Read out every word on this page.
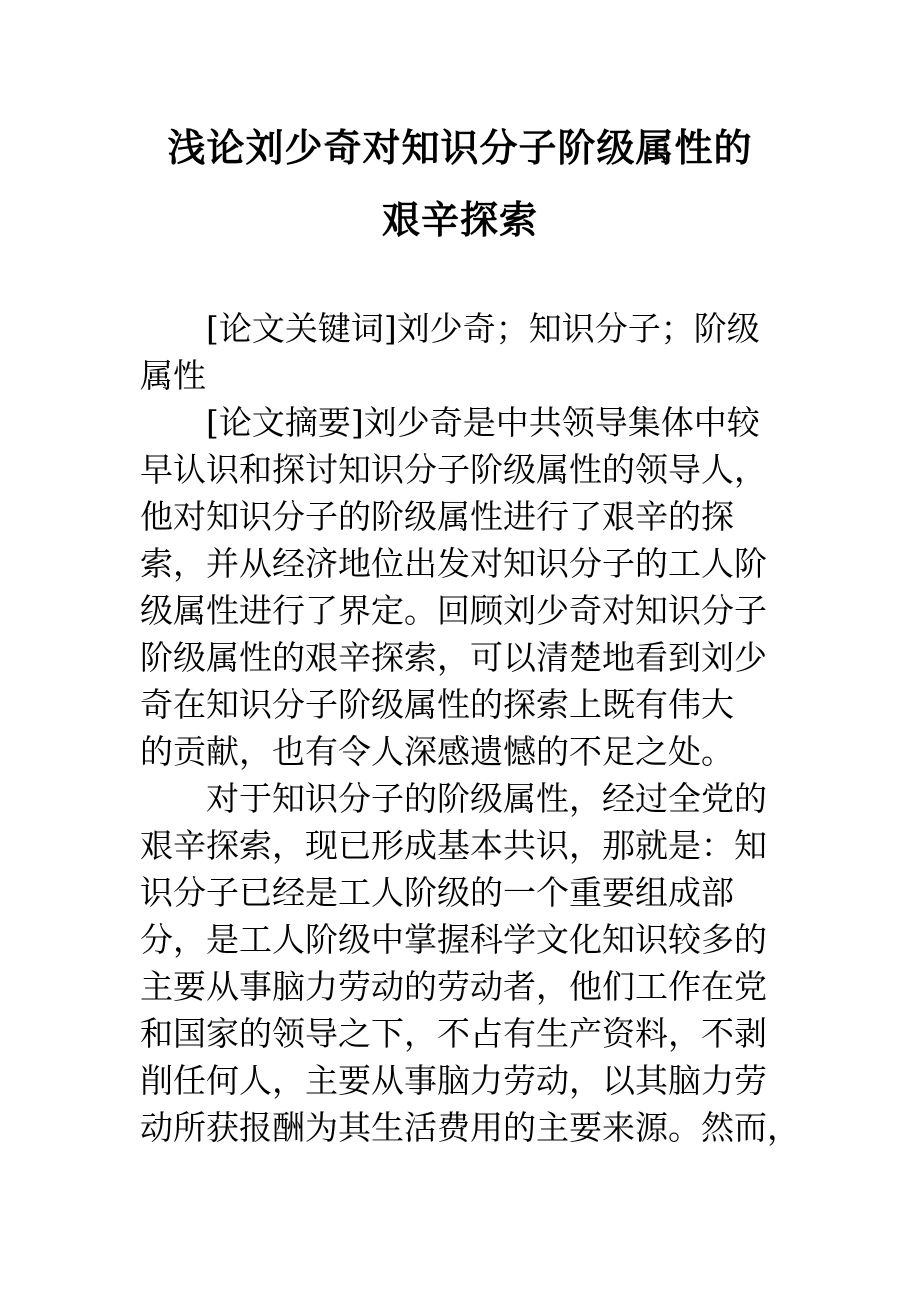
浅论刘少奇对知识分子阶级属性的
艰辛探索
[论文关键词]刘少奇；知识分子；阶级
属性
[论文摘要]刘少奇是中共领导集体中较
早认识和探讨知识分子阶级属性的领导人，
他对知识分子的阶级属性进行了艰辛的探
索，并从经济地位出发对知识分子的工人阶
级属性进行了界定。回顾刘少奇对知识分子
阶级属性的艰辛探索，可以清楚地看到刘少
奇在知识分子阶级属性的探索上既有伟大
的贡献，也有令人深感遗憾的不足之处。
对于知识分子的阶级属性，经过全党的
艰辛探索，现已形成基本共识，那就是：知
识分子已经是工人阶级的一个重要组成部
分，是工人阶级中掌握科学文化知识较多的
主要从事脑力劳动的劳动者，他们工作在党
和国家的领导之下，不占有生产资料，不剥
削任何人，主要从事脑力劳动，以其脑力劳
动所获报酬为其生活费用的主要来源。然而，
